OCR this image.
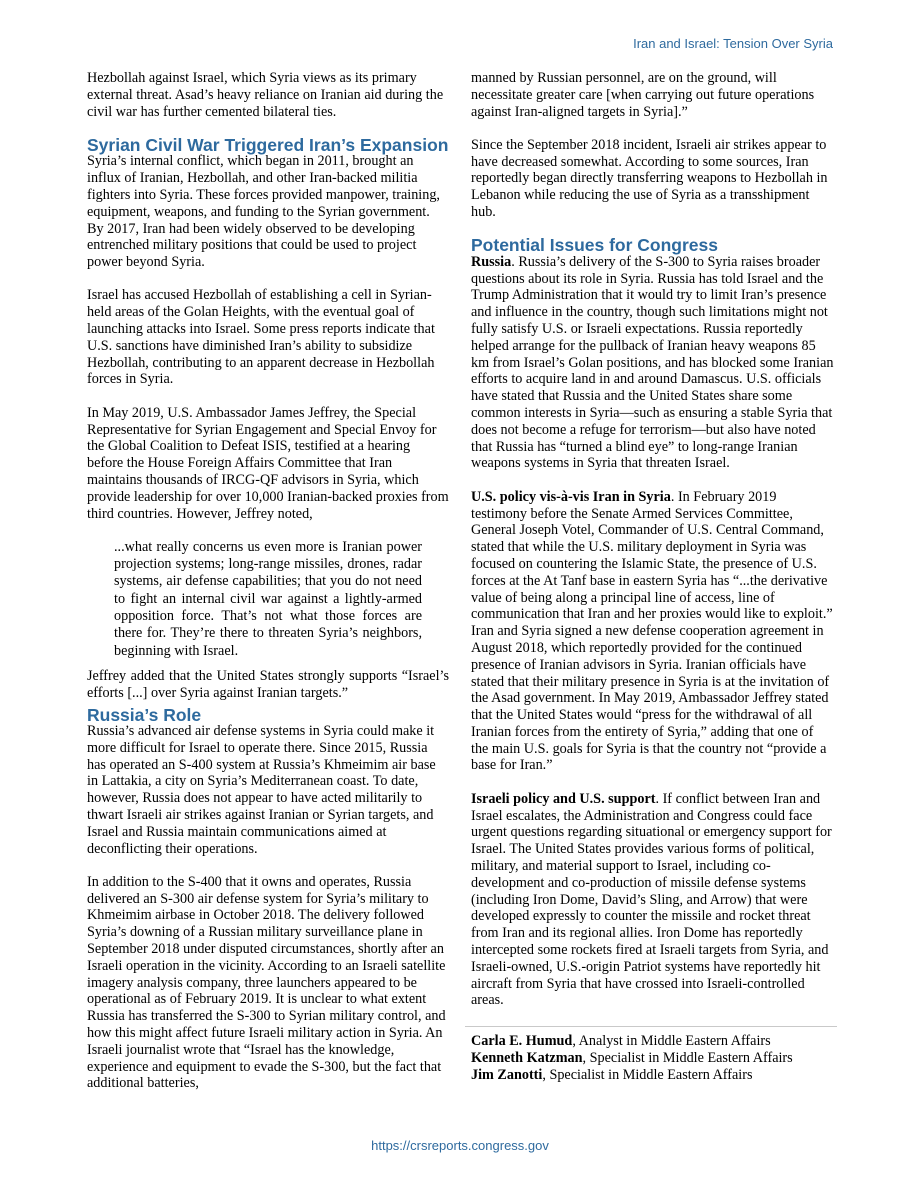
Iran and Israel: Tension Over Syria

Hezbollah against Israel, which Syria views as its primary external threat. Asad’s heavy reliance on Iranian aid during the civil war has further cemented bilateral ties.

Syrian Civil War Triggered Iran’s Expansion

Syria’s internal conflict, which began in 2011, brought an influx of Iranian, Hezbollah, and other Iran-backed militia fighters into Syria. These forces provided manpower, training, equipment, weapons, and funding to the Syrian government. By 2017, Iran had been widely observed to be developing entrenched military positions that could be used to project power beyond Syria.

Israel has accused Hezbollah of establishing a cell in Syrian-held areas of the Golan Heights, with the eventual goal of launching attacks into Israel. Some press reports indicate that U.S. sanctions have diminished Iran’s ability to subsidize Hezbollah, contributing to an apparent decrease in Hezbollah forces in Syria.

In May 2019, U.S. Ambassador James Jeffrey, the Special Representative for Syrian Engagement and Special Envoy for the Global Coalition to Defeat ISIS, testified at a hearing before the House Foreign Affairs Committee that Iran maintains thousands of IRCG-QF advisors in Syria, which provide leadership for over 10,000 Iranian-backed proxies from third countries. However, Jeffrey noted,

...what really concerns us even more is Iranian power projection systems; long-range missiles, drones, radar systems, air defense capabilities; that you do not need to fight an internal civil war against a lightly-armed opposition force. That’s not what those forces are there for. They’re there to threaten Syria’s neighbors, beginning with Israel.

Jeffrey added that the United States strongly supports “Israel’s efforts [...] over Syria against Iranian targets.”

Russia’s Role

Russia’s advanced air defense systems in Syria could make it more difficult for Israel to operate there. Since 2015, Russia has operated an S-400 system at Russia’s Khmeimim air base in Lattakia, a city on Syria’s Mediterranean coast. To date, however, Russia does not appear to have acted militarily to thwart Israeli air strikes against Iranian or Syrian targets, and Israel and Russia maintain communications aimed at deconflicting their operations.

In addition to the S-400 that it owns and operates, Russia delivered an S-300 air defense system for Syria’s military to Khmeimim airbase in October 2018. The delivery followed Syria’s downing of a Russian military surveillance plane in September 2018 under disputed circumstances, shortly after an Israeli operation in the vicinity. According to an Israeli satellite imagery analysis company, three launchers appeared to be operational as of February 2019. It is unclear to what extent Russia has transferred the S-300 to Syrian military control, and how this might affect future Israeli military action in Syria. An Israeli journalist wrote that “Israel has the knowledge, experience and equipment to evade the S-300, but the fact that additional batteries,

manned by Russian personnel, are on the ground, will necessitate greater care [when carrying out future operations against Iran-aligned targets in Syria].”

Since the September 2018 incident, Israeli air strikes appear to have decreased somewhat. According to some sources, Iran reportedly began directly transferring weapons to Hezbollah in Lebanon while reducing the use of Syria as a transshipment hub.

Potential Issues for Congress

Russia. Russia’s delivery of the S-300 to Syria raises broader questions about its role in Syria. Russia has told Israel and the Trump Administration that it would try to limit Iran’s presence and influence in the country, though such limitations might not fully satisfy U.S. or Israeli expectations. Russia reportedly helped arrange for the pullback of Iranian heavy weapons 85 km from Israel’s Golan positions, and has blocked some Iranian efforts to acquire land in and around Damascus. U.S. officials have stated that Russia and the United States share some common interests in Syria—such as ensuring a stable Syria that does not become a refuge for terrorism—but also have noted that Russia has “turned a blind eye” to long-range Iranian weapons systems in Syria that threaten Israel.

U.S. policy vis-à-vis Iran in Syria. In February 2019 testimony before the Senate Armed Services Committee, General Joseph Votel, Commander of U.S. Central Command, stated that while the U.S. military deployment in Syria was focused on countering the Islamic State, the presence of U.S. forces at the At Tanf base in eastern Syria has “...the derivative value of being along a principal line of access, line of communication that Iran and her proxies would like to exploit.” Iran and Syria signed a new defense cooperation agreement in August 2018, which reportedly provided for the continued presence of Iranian advisors in Syria. Iranian officials have stated that their military presence in Syria is at the invitation of the Asad government. In May 2019, Ambassador Jeffrey stated that the United States would “press for the withdrawal of all Iranian forces from the entirety of Syria,” adding that one of the main U.S. goals for Syria is that the country not “provide a base for Iran.”

Israeli policy and U.S. support. If conflict between Iran and Israel escalates, the Administration and Congress could face urgent questions regarding situational or emergency support for Israel. The United States provides various forms of political, military, and material support to Israel, including co-development and co-production of missile defense systems (including Iron Dome, David’s Sling, and Arrow) that were developed expressly to counter the missile and rocket threat from Iran and its regional allies. Iron Dome has reportedly intercepted some rockets fired at Israeli targets from Syria, and Israeli-owned, U.S.-origin Patriot systems have reportedly hit aircraft from Syria that have crossed into Israeli-controlled areas.

Carla E. Humud, Analyst in Middle Eastern Affairs

Kenneth Katzman, Specialist in Middle Eastern Affairs

Jim Zanotti, Specialist in Middle Eastern Affairs

https://crsreports.congress.gov
